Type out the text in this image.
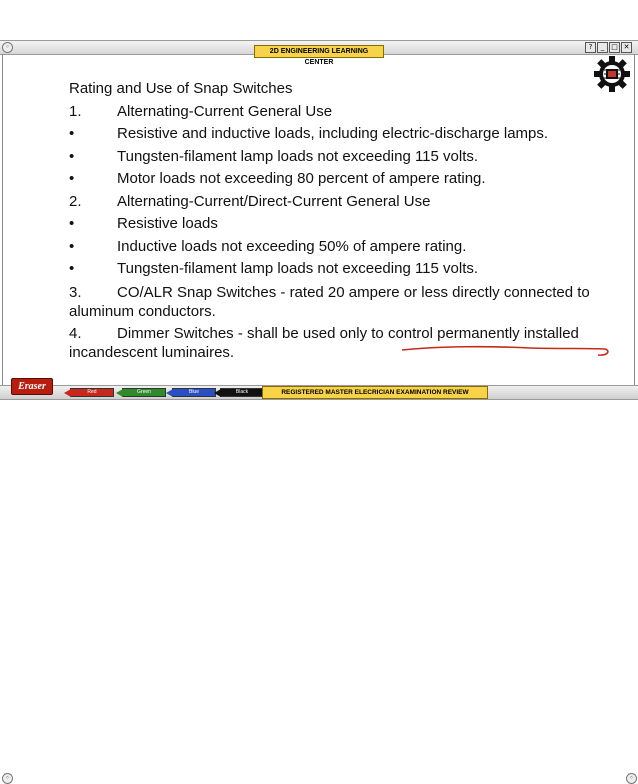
◦
2D ENGINEERING LEARNING CENTER
?	_ □ ✕
Rating and Use of Snap Switches
1.	Alternating-Current General Use
•	Resistive and inductive loads, including electric-discharge lamps.
•	Tungsten-filament lamp loads not exceeding 115 volts.
•	Motor loads not exceeding 80 percent of ampere rating.
2.	Alternating-Current/Direct-Current General Use
•	Resistive loads
•	Inductive loads not exceeding 50% of ampere rating.
•	Tungsten-filament lamp loads not exceeding 115 volts.
3.	CO/ALR Snap Switches - rated 20 ampere or less directly connected to
aluminum conductors.
4.	Dimmer Switches - shall be used only to control permanently installed
incandescent luminaires.
◦	◦
Eraser	Red	Green	Blue	Black	REGISTERED MASTER ELECRICIAN EXAMINATION REVIEW
